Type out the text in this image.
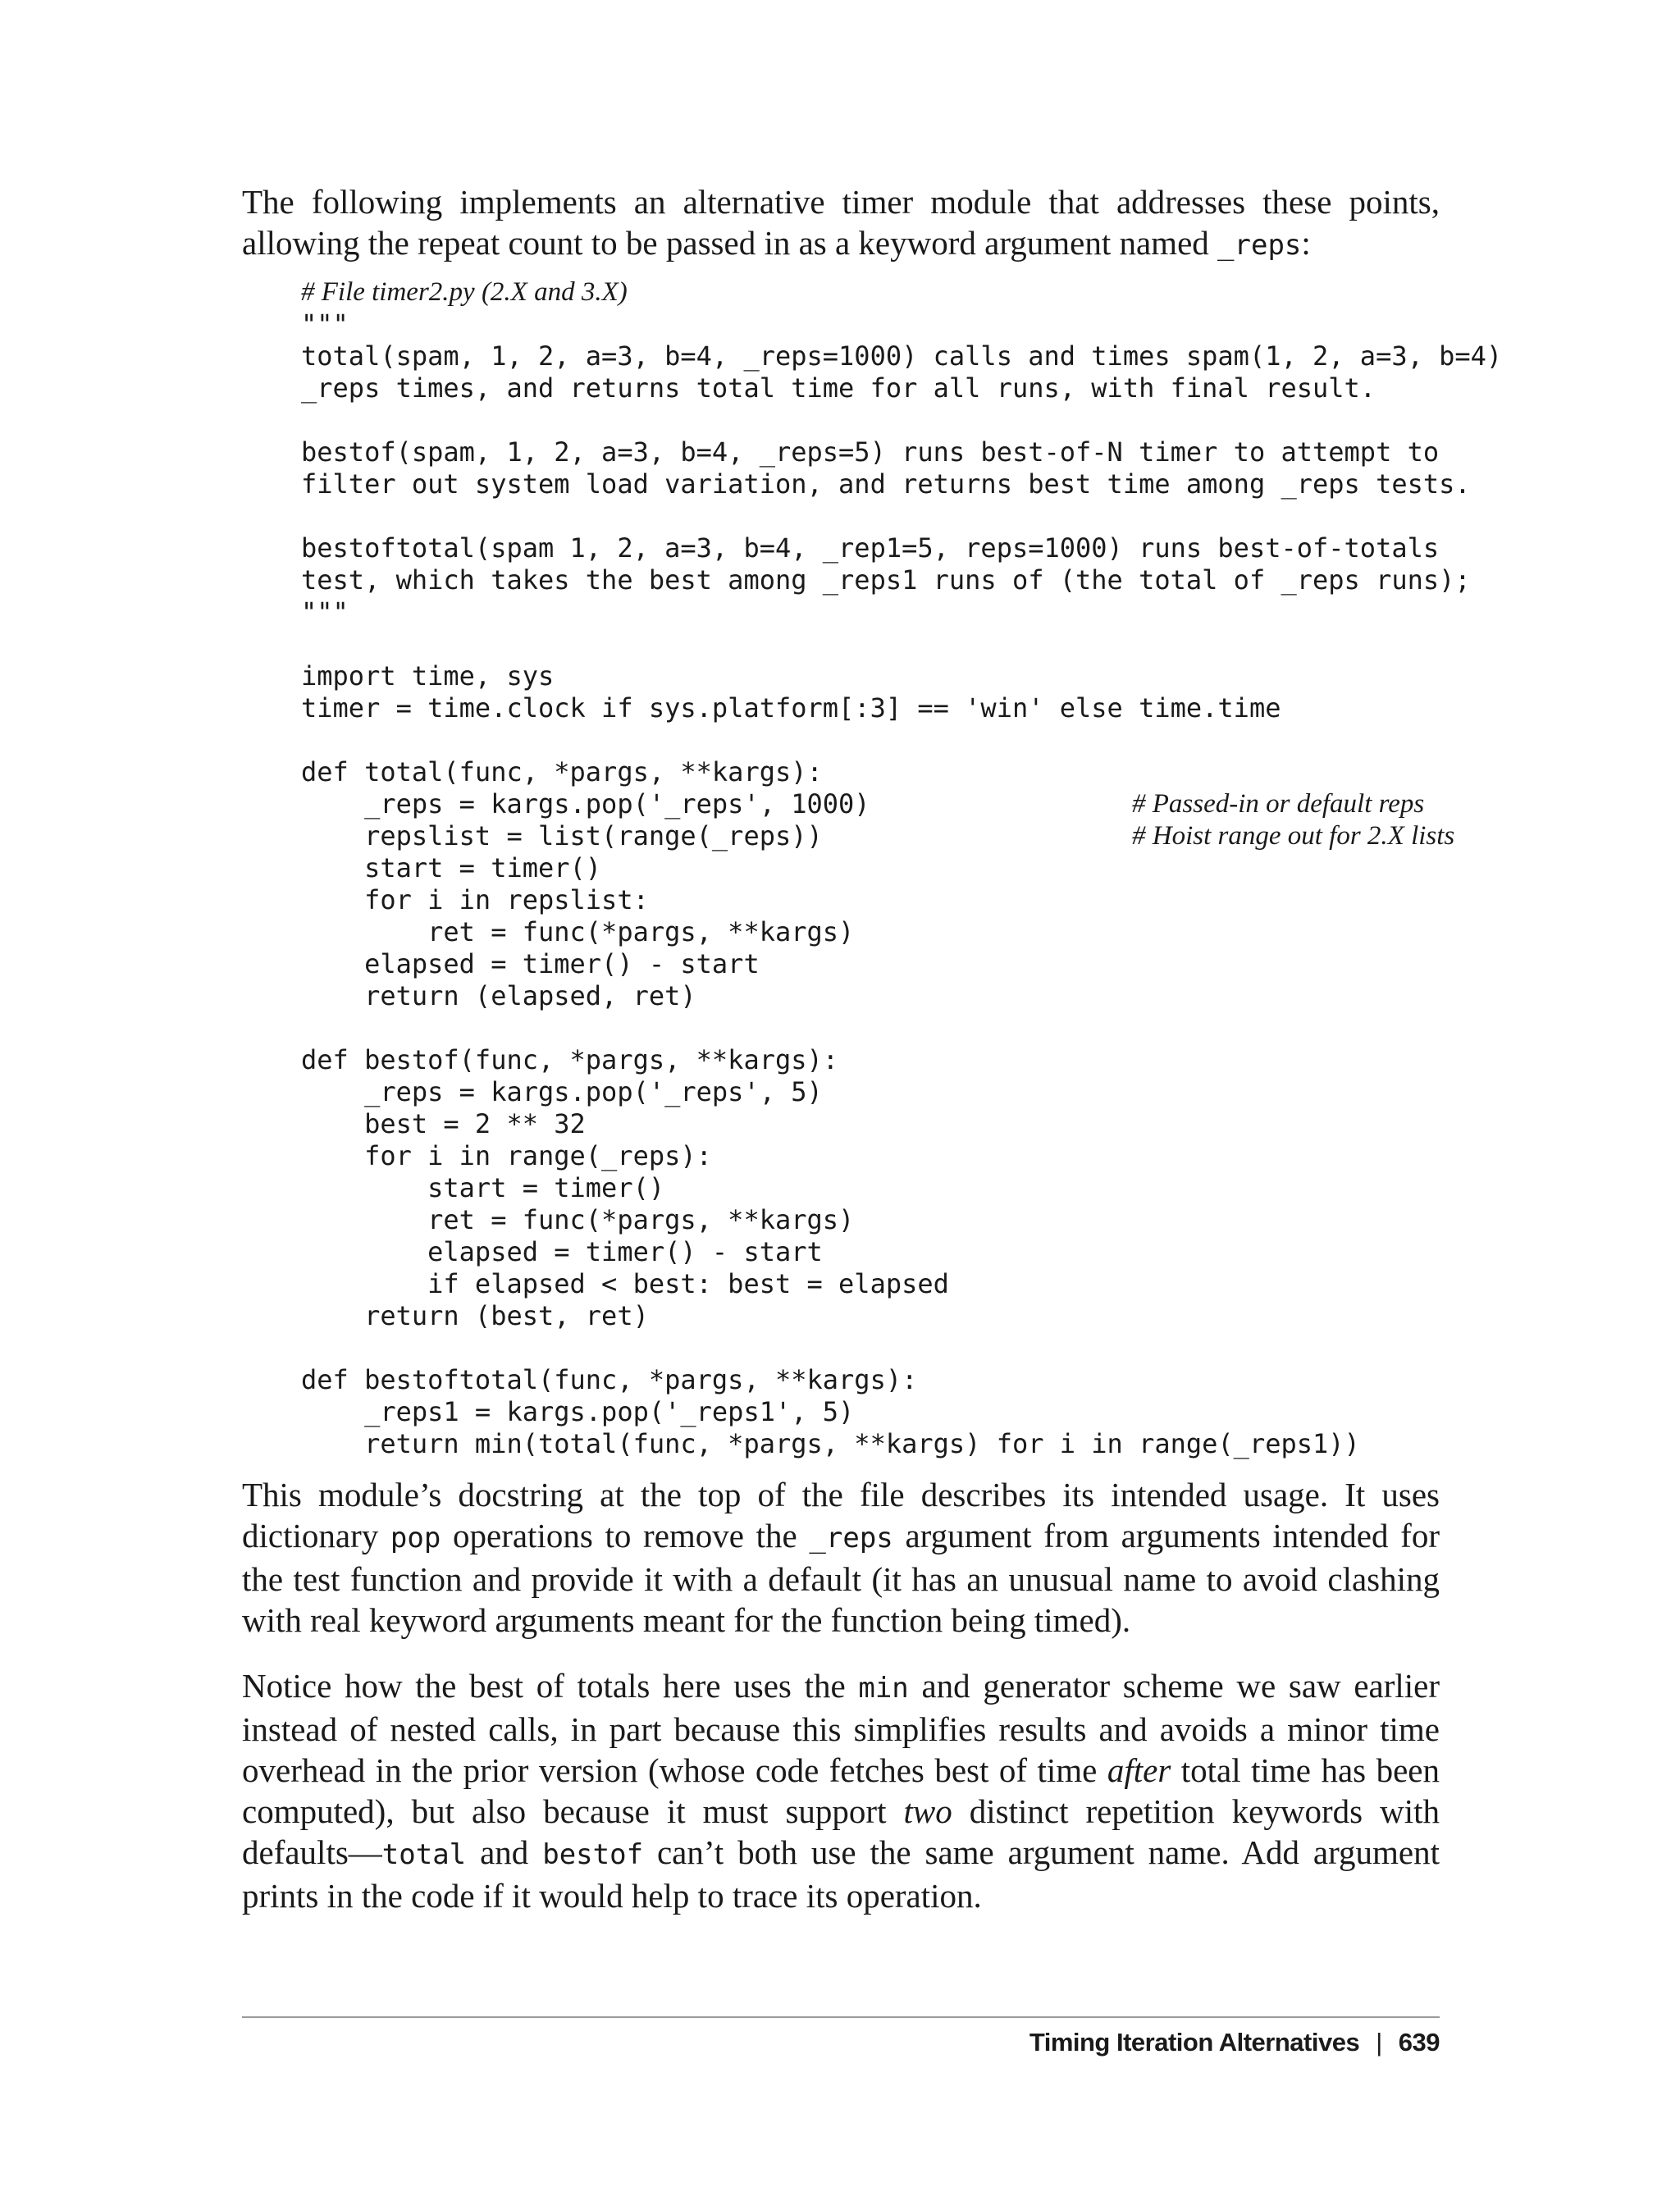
The following implements an alternative timer module that addresses these points, allowing the repeat count to be passed in as a keyword argument named _reps:

# File timer2.py (2.X and 3.X)
"""
total(spam, 1, 2, a=3, b=4, _reps=1000) calls and times spam(1, 2, a=3, b=4)
_reps times, and returns total time for all runs, with final result.
bestof(spam, 1, 2, a=3, b=4, _reps=5) runs best-of-N timer to attempt to
filter out system load variation, and returns best time among _reps tests.
bestoftotal(spam 1, 2, a=3, b=4, _rep1=5, reps=1000) runs best-of-totals
test, which takes the best among _reps1 runs of (the total of _reps runs);
"""
import time, sys
timer = time.clock if sys.platform[:3] == 'win' else time.time
def total(func, *pargs, **kargs):
_reps = kargs.pop('_reps', 1000)	# Passed-in or default reps
repslist = list(range(_reps))	# Hoist range out for 2.X lists
start = timer()
for i in repslist:
ret = func(*pargs, **kargs)
elapsed = timer() - start
return (elapsed, ret)
def bestof(func, *pargs, **kargs):
_reps = kargs.pop('_reps', 5)
best = 2 ** 32
for i in range(_reps):
start = timer()
ret = func(*pargs, **kargs)
elapsed = timer() - start
if elapsed < best: best = elapsed
return (best, ret)
def bestoftotal(func, *pargs, **kargs):
_reps1 = kargs.pop('_reps1', 5)
return min(total(func, *pargs, **kargs) for i in range(_reps1))

This module’s docstring at the top of the file describes its intended usage. It uses dictionary pop operations to remove the _reps argument from arguments intended for the test function and provide it with a default (it has an unusual name to avoid clashing with real keyword arguments meant for the function being timed).

Notice how the best of totals here uses the min and generator scheme we saw earlier instead of nested calls, in part because this simplifies results and avoids a minor time overhead in the prior version (whose code fetches best of time after total time has been computed), but also because it must support two distinct repetition keywords with defaults—total and bestof can’t both use the same argument name. Add argument prints in the code if it would help to trace its operation.

Timing Iteration Alternatives | 639
